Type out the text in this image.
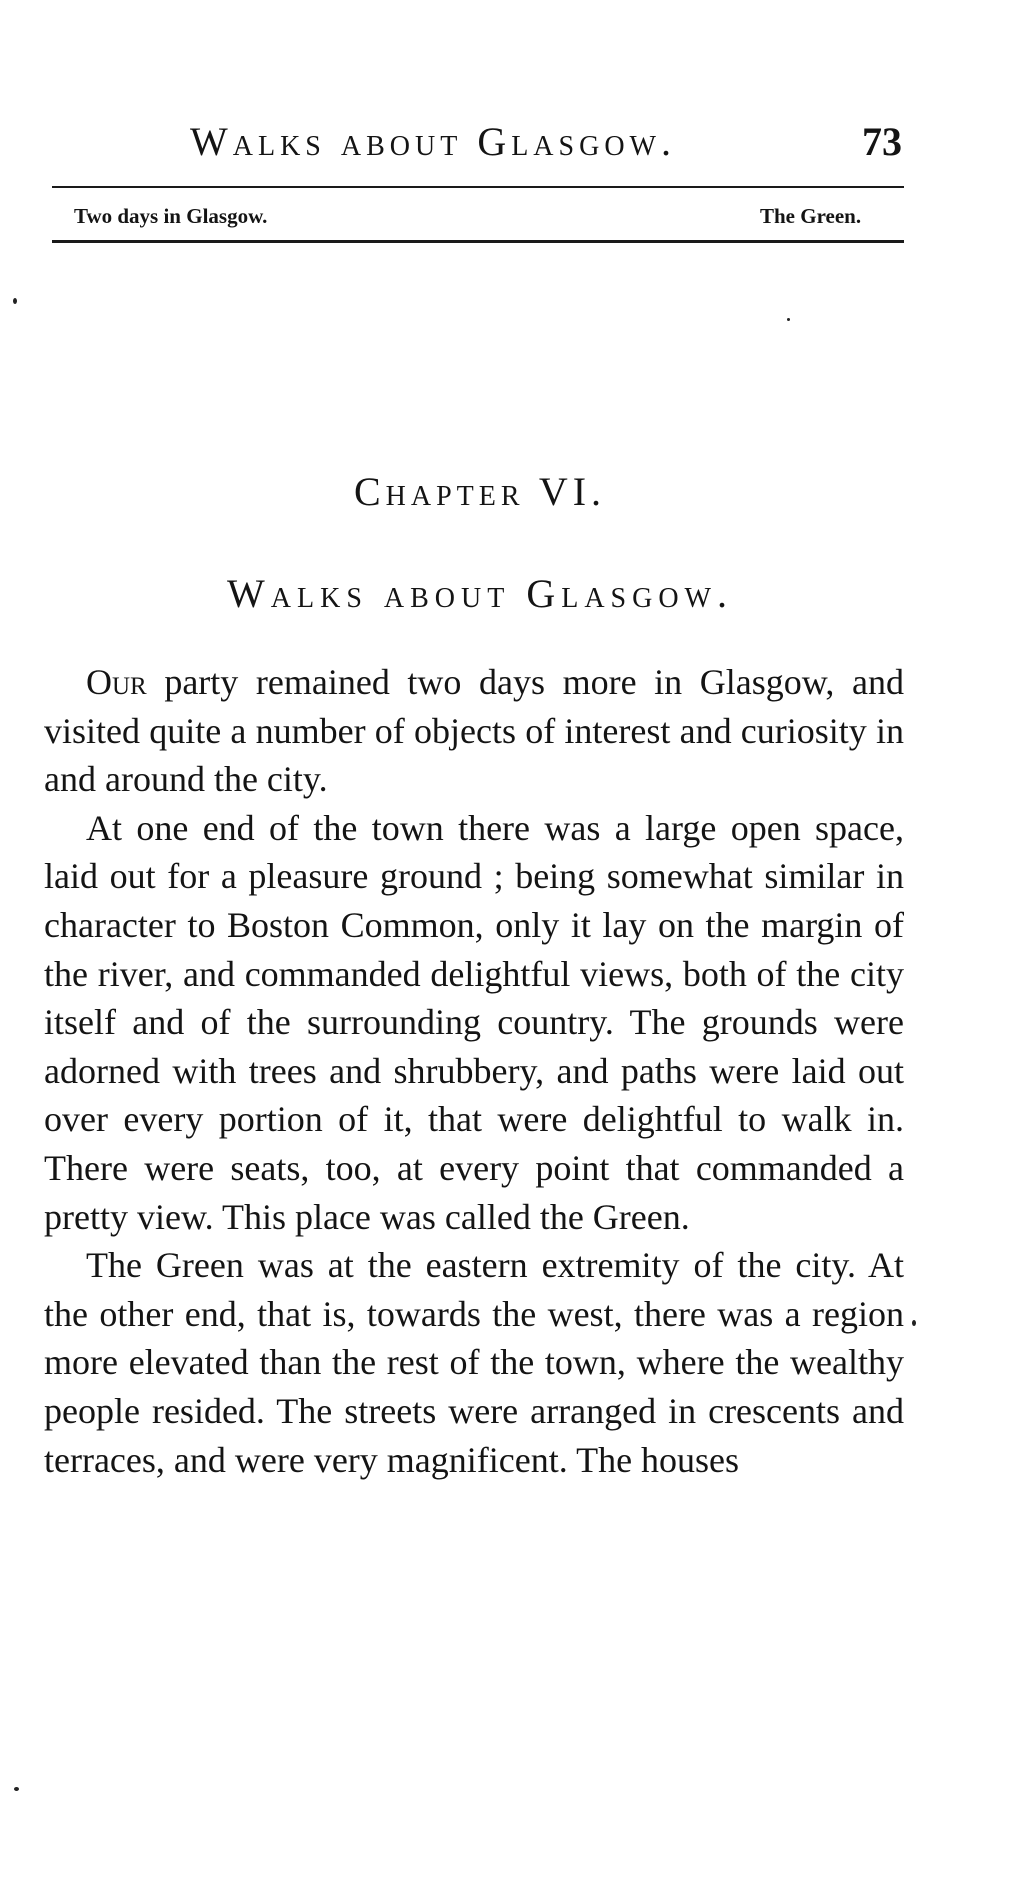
Walks about Glasgow.	73
Two days in Glasgow.	The Green.
Chapter VI.
Walks about Glasgow.

Our party remained two days more in Glasgow, and visited quite a number of objects of interest and curiosity in and around the city.

At one end of the town there was a large open space, laid out for a pleasure ground ; being somewhat similar in character to Boston Common, only it lay on the margin of the river, and commanded delightful views, both of the city itself and of the surrounding country. The grounds were adorned with trees and shrubbery, and paths were laid out over every portion of it, that were delightful to walk in. There were seats, too, at every point that commanded a pretty view. This place was called the Green.

The Green was at the eastern extremity of the city. At the other end, that is, towards the west, there was a region more elevated than the rest of the town, where the wealthy people resided. The streets were arranged in crescents and terraces, and were very magnificent. The houses
